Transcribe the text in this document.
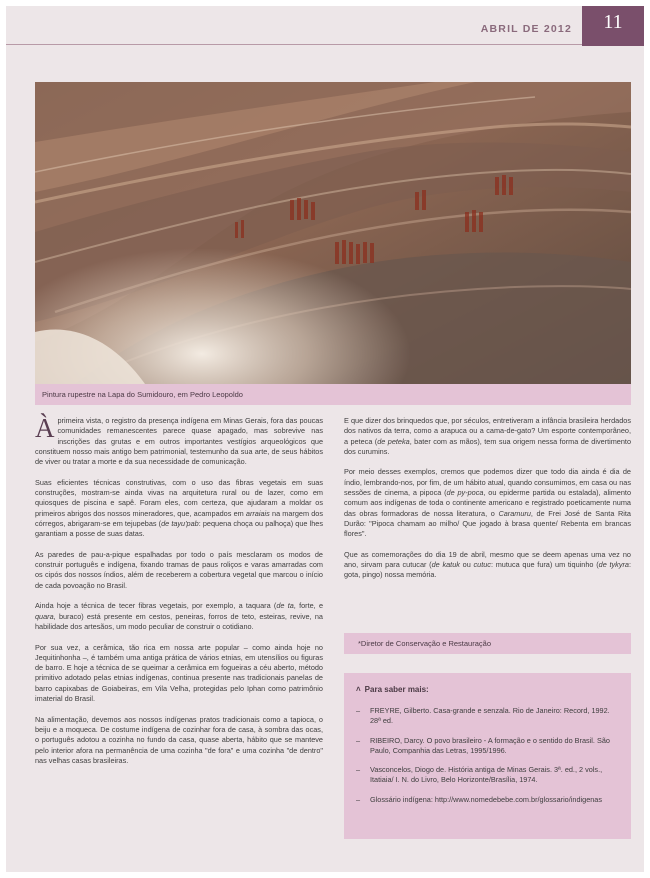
ABRIL DE 2012	11
Pintura rupestre na Lapa do Sumidouro, em Pedro Leopoldo

Àprimeira vista, o registro da presença indígena em Minas Gerais, fora das poucas comunidades remanescentes parece quase apagado, mas sobrevive nas inscrições das grutas e em outros importantes vestígios arqueológicos que constituem nosso mais antigo bem patrimonial, testemunho da sua arte, de seus hábitos de viver ou tratar a morte e da sua necessidade de comunicação.

Suas eficientes técnicas construtivas, com o uso das fibras vegetais em suas construções, mostram-se ainda vivas na arquitetura rural ou de lazer, como em quiosques de piscina e sapê. Foram eles, com certeza, que ajudaram a moldar os primeiros abrigos dos nossos mineradores, que, acampados em arraiais na margem dos córregos, abrigaram-se em tejupebas (de tayu'pab: pequena choça ou palhoça) que lhes garantiam a posse de suas datas.

As paredes de pau-a-pique espalhadas por todo o país mesclaram os modos de construir português e indígena, fixando tramas de paus roliços e varas amarradas com os cipós dos nossos índios, além de receberem a cobertura vegetal que marcou o início de cada povoação no Brasil.

Ainda hoje a técnica de tecer fibras vegetais, por exemplo, a taquara (de ta, forte, e quara, buraco) está presente em cestos, peneiras, forros de teto, esteiras, revive, na habilidade dos artesãos, um modo peculiar de construir o cotidiano.

Por sua vez, a cerâmica, tão rica em nossa arte popular – como ainda hoje no Jequitinhonha –, é também uma antiga prática de vários etnias, em utensílios ou figuras de barro. E hoje a técnica de se queimar a cerâmica em fogueiras a céu aberto, método primitivo adotado pelas etnias indígenas, continua presente nas tradicionais panelas de barro capixabas de Goiabeiras, em Vila Velha, protegidas pelo Iphan como patrimônio imaterial do Brasil.

Na alimentação, devemos aos nossos indígenas pratos tradicionais como a tapioca, o beiju e a moqueca. De costume indígena de cozinhar fora de casa, à sombra das ocas, o português adotou a cozinha no fundo da casa, quase aberta, hábito que se manteve pelo interior afora na permanência de uma cozinha "de fora" e uma cozinha "de dentro" nas velhas casas brasileiras.

E que dizer dos brinquedos que, por séculos, entretiveram a infância brasileira herdados dos nativos da terra, como a arapuca ou a cama-de-gato? Um esporte contemporâneo, a peteca (de peteka, bater com as mãos), tem sua origem nessa forma de divertimento dos curumins.

Por meio desses exemplos, cremos que podemos dizer que todo dia ainda é dia de índio, lembrando-nos, por fim, de um hábito atual, quando consumimos, em casa ou nas sessões de cinema, a pipoca (de py-poca, ou epiderme partida ou estalada), alimento comum aos indígenas de toda o continente americano e registrado poeticamente numa das obras formadoras de nossa literatura, o Caramuru, de Frei José de Santa Rita Durão: "Pipoca chamam ao milho/ Que jogado à brasa quente/ Rebenta em brancas flores".

Que as comemorações do dia 19 de abril, mesmo que se deem apenas uma vez no ano, sirvam para cutucar (de katuk ou cutuc: mutuca que fura) um tiquinho (de tykyra: gota, pingo) nossa memória.

*Diretor de Conservação e Restauração
˄ Para saber mais:
– FREYRE, Gilberto. Casa-grande e senzala. Rio de Janeiro: Record, 1992. 28ª ed.
– RIBEIRO, Darcy. O povo brasileiro - A formação e o sentido do Brasil. São Paulo, Companhia das Letras, 1995/1996.
– Vasconcelos, Diogo de. História antiga de Minas Gerais. 3ª. ed., 2 vols., Itatiaia/ I. N. do Livro, Belo Horizonte/Brasília, 1974.
– Glossário indígena: http://www.nomedebebe.com.br/glossario/indigenas
